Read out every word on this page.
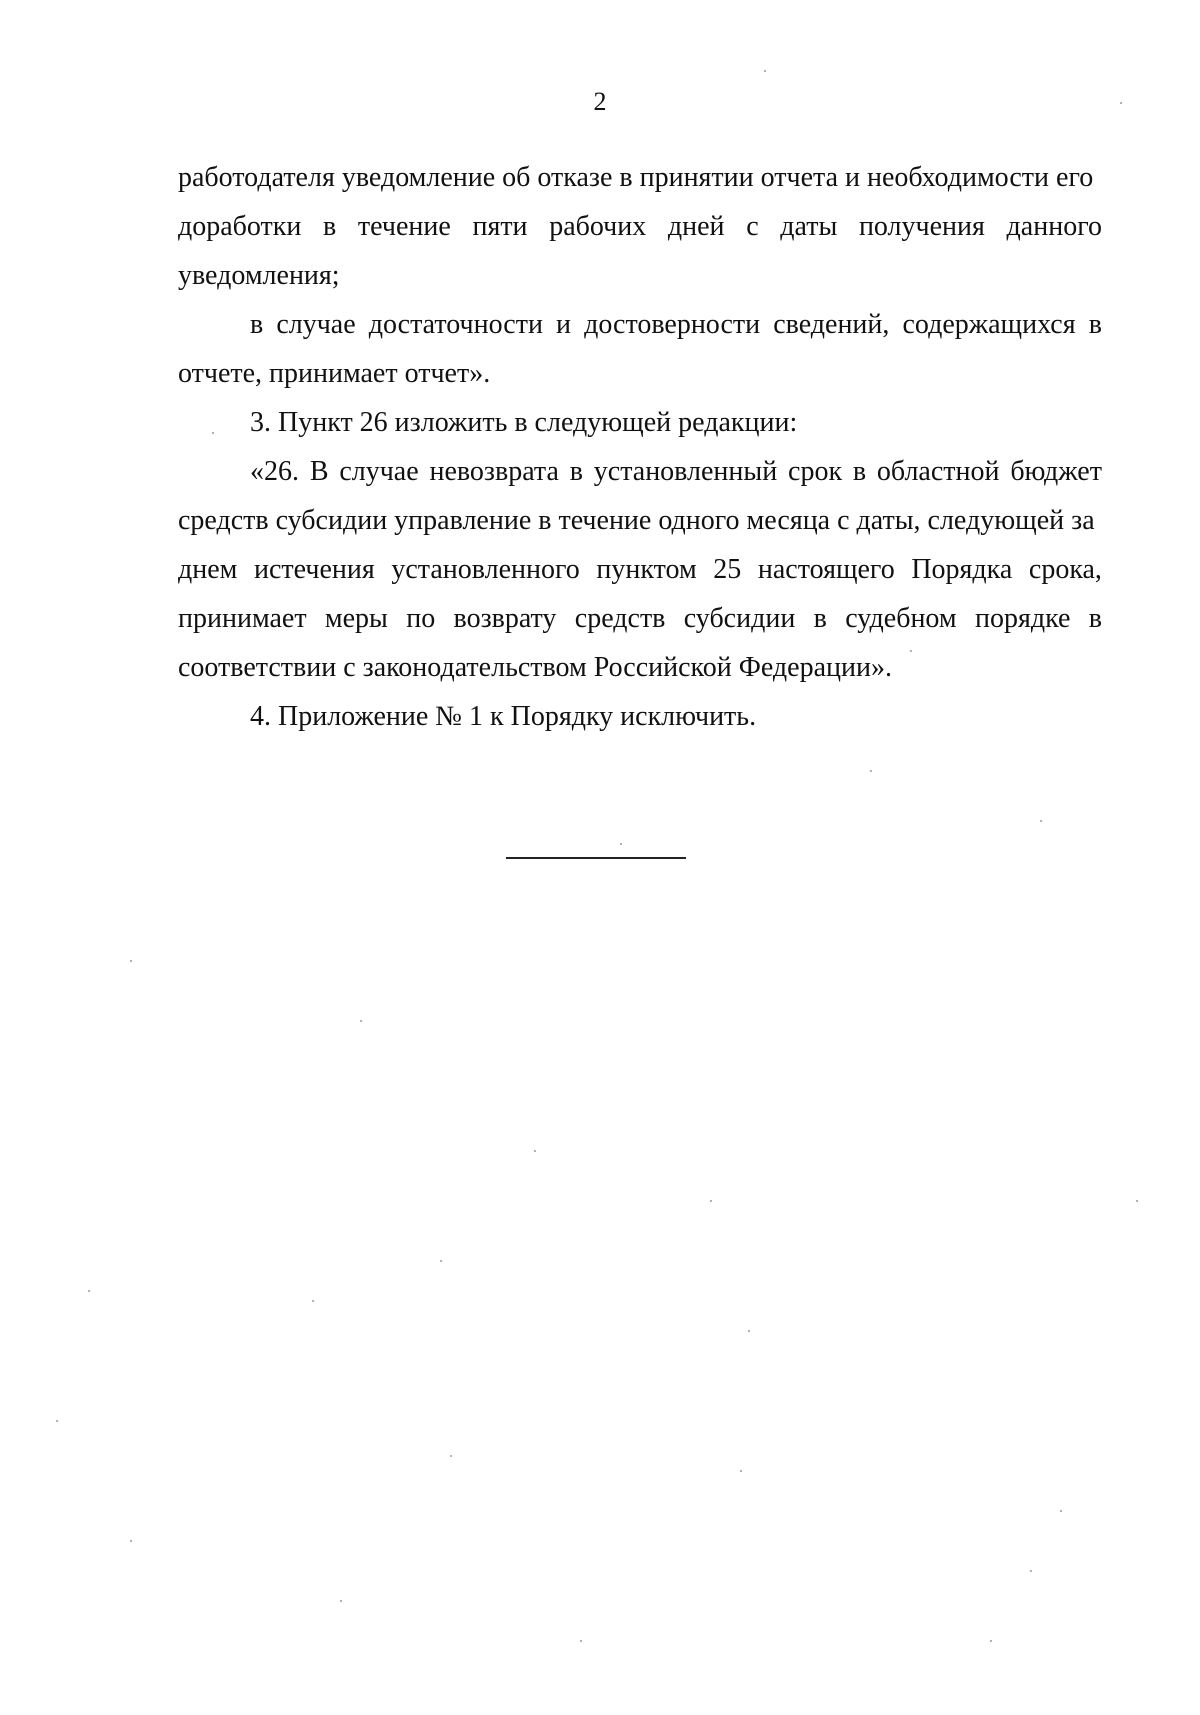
2
работодателя уведомление об отказе в принятии отчета и необходимости его
доработки в течение пяти рабочих дней с даты получения данного
уведомления;
в случае достаточности и достоверности сведений, содержащихся в
отчете, принимает отчет».
3. Пункт 26 изложить в следующей редакции:
«26. В случае невозврата в установленный срок в областной бюджет
средств субсидии управление в течение одного месяца с даты, следующей за
днем истечения установленного пунктом 25 настоящего Порядка срока,
принимает меры по возврату средств субсидии в судебном порядке в
соответствии с законодательством Российской Федерации».
4. Приложение № 1 к Порядку исключить.
